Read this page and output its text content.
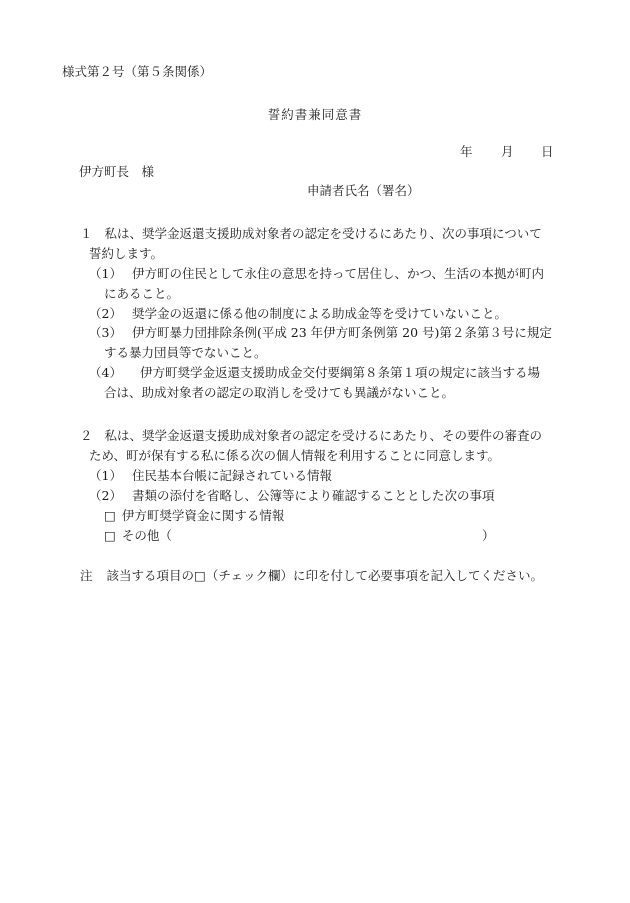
様式第２号（第５条関係）
誓約書兼同意書
年 月 日
伊方町長　様
申請者氏名（署名）
１ 私は、奨学金返還支援助成対象者の認定を受けるにあたり、次の事項について
誓約します。
（1） 伊方町の住民として永住の意思を持って居住し、かつ、生活の本拠が町内
にあること。
（2） 奨学金の返還に係る他の制度による助成金等を受けていないこと。
（3） 伊方町暴力団排除条例(平成 23 年伊方町条例第 20 号)第２条第３号に規定
する暴力団員等でないこと。
（4） 伊方町奨学金返還支援助成金交付要綱第８条第１項の規定に該当する場
合は、助成対象者の認定の取消しを受けても異議がないこと。
２ 私は、奨学金返還支援助成対象者の認定を受けるにあたり、その要件の審査の
ため、町が保有する私に係る次の個人情報を利用することに同意します。
（1） 住民基本台帳に記録されている情報
（2） 書類の添付を省略し、公簿等により確認することとした次の事項
□ 伊方町奨学資金に関する情報
□ その他（	）
注 該当する項目の□（チェック欄）に印を付して必要事項を記入してください。
